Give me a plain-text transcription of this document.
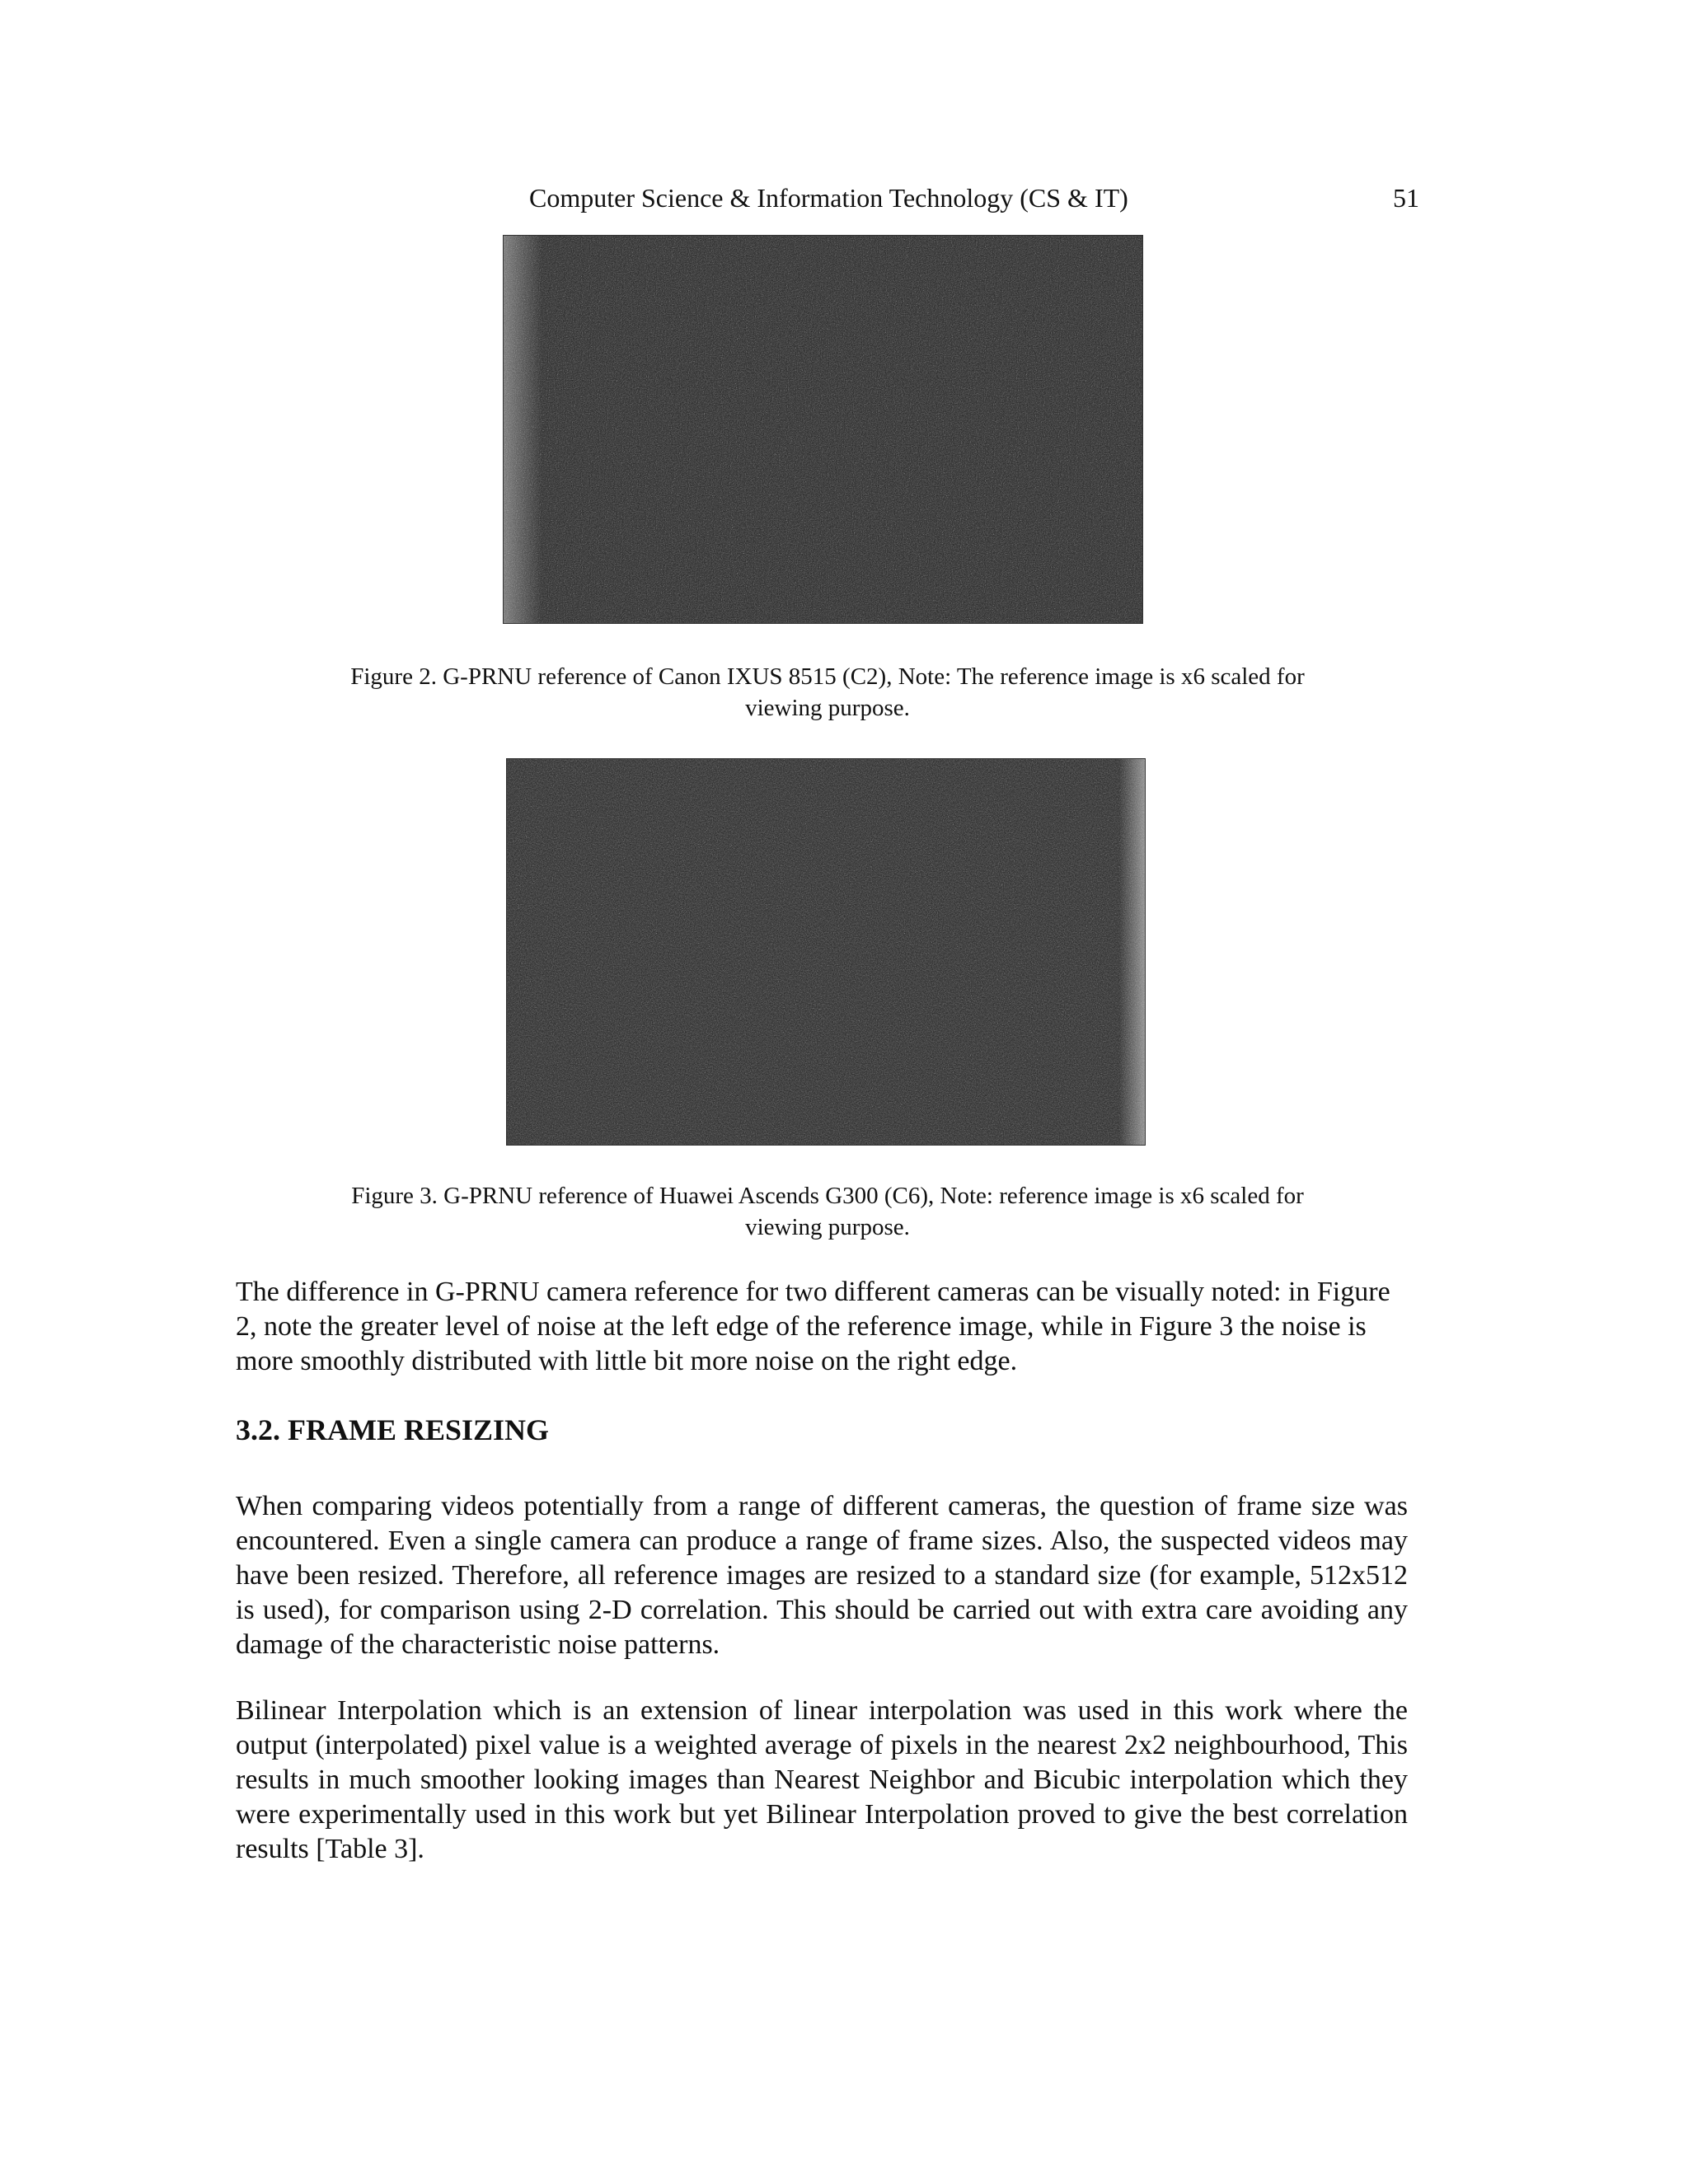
Computer Science & Information Technology (CS & IT)	51
Figure 2. G-PRNU reference of Canon IXUS 8515 (C2), Note: The reference image is x6 scaled for
viewing purpose.
Figure 3. G-PRNU reference of Huawei Ascends G300 (C6), Note: reference image is x6 scaled for
viewing purpose.

The difference in G-PRNU camera reference for two different cameras can be visually noted: in Figure 2, note the greater level of noise at the left edge of the reference image, while in Figure 3 the noise is more smoothly distributed with little bit more noise on the right edge.

3.2. FRAME RESIZING

When comparing videos potentially from a range of different cameras, the question of frame size was encountered. Even a single camera can produce a range of frame sizes. Also, the suspected videos may have been resized. Therefore, all reference images are resized to a standard size (for example, 512x512 is used), for comparison using 2-D correlation. This should be carried out with extra care avoiding any damage of the characteristic noise patterns.

Bilinear Interpolation which is an extension of linear interpolation was used in this work where the output (interpolated) pixel value is a weighted average of pixels in the nearest 2x2 neighbourhood, This results in much smoother looking images than Nearest Neighbor and Bicubic interpolation which they were experimentally used in this work but yet Bilinear Interpolation proved to give the best correlation results [Table 3].
